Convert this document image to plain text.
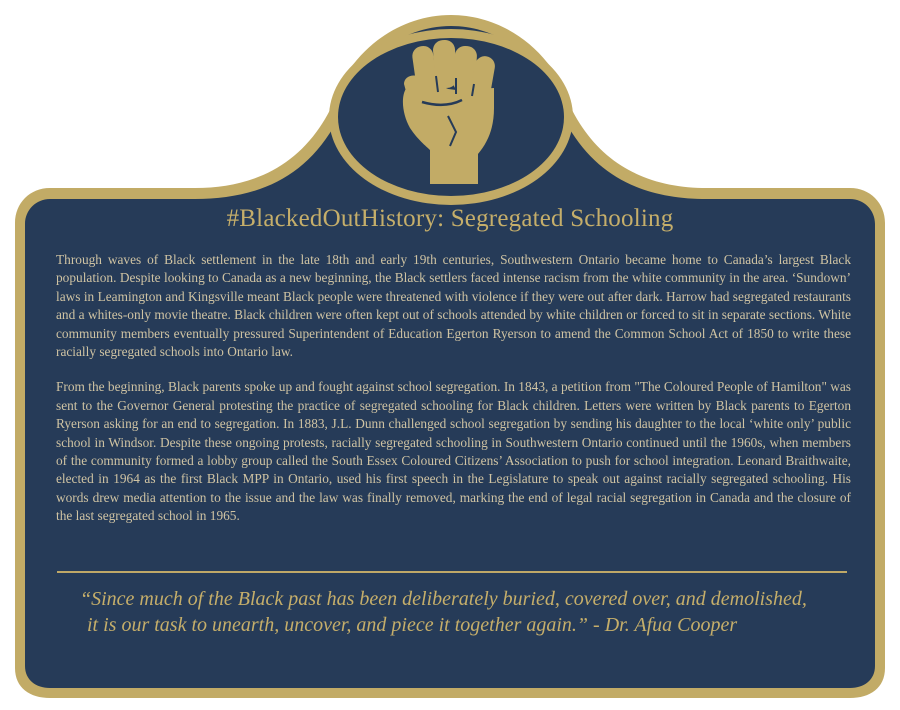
#BlackedOutHistory: Segregated Schooling

Through waves of Black settlement in the late 18th and early 19th centuries, Southwestern Ontario became home to Canada’s largest Black population. Despite looking to Canada as a new beginning, the Black settlers faced intense racism from the white community in the area. ‘Sundown’ laws in Leamington and Kingsville meant Black people were threatened with violence if they were out after dark. Harrow had segregated restaurants and a whites-only movie theatre. Black children were often kept out of schools attended by white children or forced to sit in separate sections. White community members eventually pressured Superintendent of Education Egerton Ryerson to amend the Common School Act of 1850 to write these racially segregated schools into Ontario law.

From the beginning, Black parents spoke up and fought against school segregation. In 1843, a petition from "The Coloured People of Hamilton" was sent to the Governor General protesting the practice of segregated schooling for Black children. Letters were written by Black parents to Egerton Ryerson asking for an end to segregation. In 1883, J.L. Dunn challenged school segregation by sending his daughter to the local ‘white only’ public school in Windsor. Despite these ongoing protests, racially segregated schooling in Southwestern Ontario continued until the 1960s, when members of the community formed a lobby group called the South Essex Coloured Citizens’ Association to push for school integration. Leonard Braithwaite, elected in 1964 as the first Black MPP in Ontario, used his first speech in the Legislature to speak out against racially segregated schooling. His words drew media attention to the issue and the law was finally removed, marking the end of legal racial segregation in Canada and the closure of the last segregated school in 1965.

“Since much of the Black past has been deliberately buried, covered over, and demolished,
it is our task to unearth, uncover, and piece it together again.” - Dr. Afua Cooper
